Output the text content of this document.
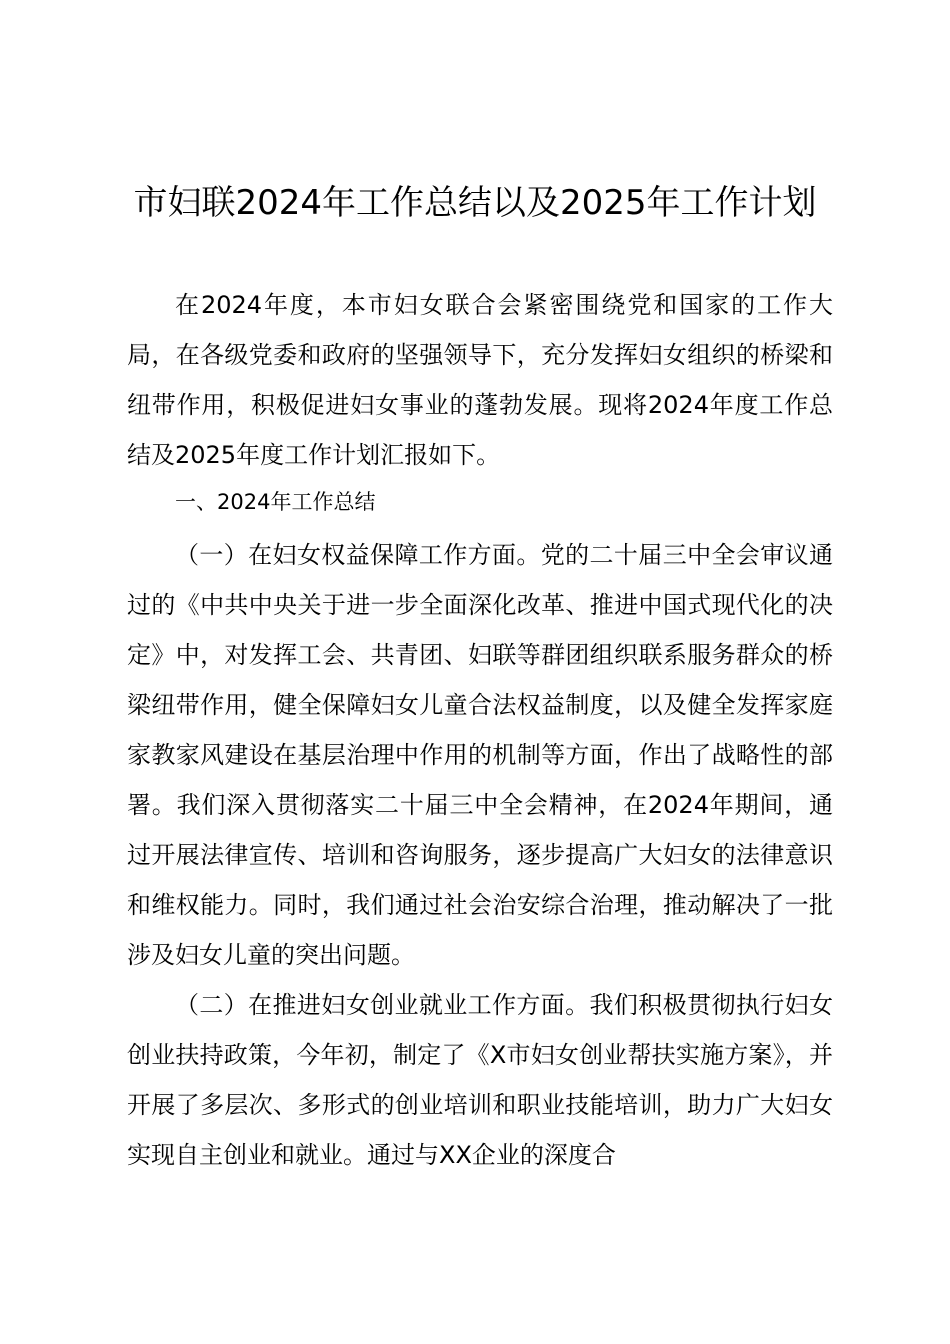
市妇联2024年工作总结以及2025年工作计划

在2024年度，本市妇女联合会紧密围绕党和国家的工作大局，在各级党委和政府的坚强领导下，充分发挥妇女组织的桥梁和纽带作用，积极促进妇女事业的蓬勃发展。现将2024年度工作总结及2025年度工作计划汇报如下。

一、2024年工作总结

（一）在妇女权益保障工作方面。党的二十届三中全会审议通过的《中共中央关于进一步全面深化改革、推进中国式现代化的决定》中，对发挥工会、共青团、妇联等群团组织联系服务群众的桥梁纽带作用，健全保障妇女儿童合法权益制度，以及健全发挥家庭家教家风建设在基层治理中作用的机制等方面，作出了战略性的部署。我们深入贯彻落实二十届三中全会精神，在2024年期间，通过开展法律宣传、培训和咨询服务，逐步提高广大妇女的法律意识和维权能力。同时，我们通过社会治安综合治理，推动解决了一批涉及妇女儿童的突出问题。

（二）在推进妇女创业就业工作方面。我们积极贯彻执行妇女创业扶持政策，今年初，制定了《X市妇女创业帮扶实施方案》，并开展了多层次、多形式的创业培训和职业技能培训，助力广大妇女实现自主创业和就业。通过与XX企业的深度合
